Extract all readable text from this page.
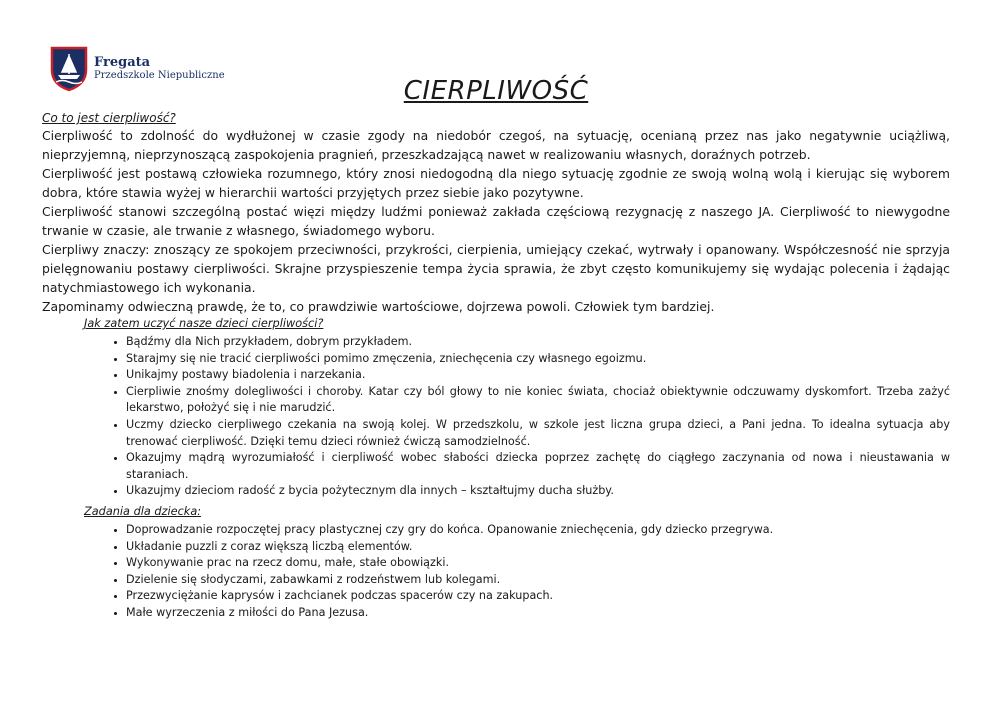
Fregata
Przedszkole Niepubliczne
CIERPLIWOŚĆ

Co to jest cierpliwość?

Cierpliwość to zdolność do wydłużonej w czasie zgody na niedobór czegoś, na sytuację, ocenianą przez nas jako negatywnie uciążliwą, nieprzyjemną, nieprzynoszącą zaspokojenia pragnień, przeszkadzającą nawet w realizowaniu własnych, doraźnych potrzeb.

Cierpliwość jest postawą człowieka rozumnego, który znosi niedogodną dla niego sytuację zgodnie ze swoją wolną wolą i kierując się wyborem dobra, które stawia wyżej w hierarchii wartości przyjętych przez siebie jako pozytywne.

Cierpliwość stanowi szczególną postać więzi między ludźmi ponieważ zakłada częściową rezygnację z naszego JA. Cierpliwość to niewygodne trwanie w czasie, ale trwanie z własnego, świadomego wyboru.

Cierpliwy znaczy: znoszący ze spokojem przeciwności, przykrości, cierpienia, umiejący czekać, wytrwały i opanowany. Współczesność nie sprzyja pielęgnowaniu postawy cierpliwości. Skrajne przyspieszenie tempa życia sprawia, że zbyt często komunikujemy się wydając polecenia i żądając natychmiastowego ich wykonania.

Zapominamy odwieczną prawdę, że to, co prawdziwie wartościowe, dojrzewa powoli. Człowiek tym bardziej.

Jak zatem uczyć nasze dzieci cierpliwości?

• Bądźmy dla Nich przykładem, dobrym przykładem.
• Starajmy się nie tracić cierpliwości pomimo zmęczenia, zniechęcenia czy własnego egoizmu.
• Unikajmy postawy biadolenia i narzekania.
• Cierpliwie znośmy dolegliwości i choroby. Katar czy ból głowy to nie koniec świata, chociaż obiektywnie odczuwamy dyskomfort. Trzeba zażyć lekarstwo, położyć się i nie marudzić.
• Uczmy dziecko cierpliwego czekania na swoją kolej. W przedszkolu, w szkole jest liczna grupa dzieci, a Pani jedna. To idealna sytuacja aby trenować cierpliwość. Dzięki temu dzieci również ćwiczą samodzielność.
• Okazujmy mądrą wyrozumiałość i cierpliwość wobec słabości dziecka poprzez zachętę do ciągłego zaczynania od nowa i nieustawania w staraniach.
• Ukazujmy dzieciom radość z bycia pożytecznym dla innych – kształtujmy ducha służby.

Zadania dla dziecka:

• Doprowadzanie rozpoczętej pracy plastycznej czy gry do końca. Opanowanie zniechęcenia, gdy dziecko przegrywa.
• Układanie puzzli z coraz większą liczbą elementów.
• Wykonywanie prac na rzecz domu, małe, stałe obowiązki.
• Dzielenie się słodyczami, zabawkami z rodzeństwem lub kolegami.
• Przezwyciężanie kaprysów i zachcianek podczas spacerów czy na zakupach.
• Małe wyrzeczenia z miłości do Pana Jezusa.
